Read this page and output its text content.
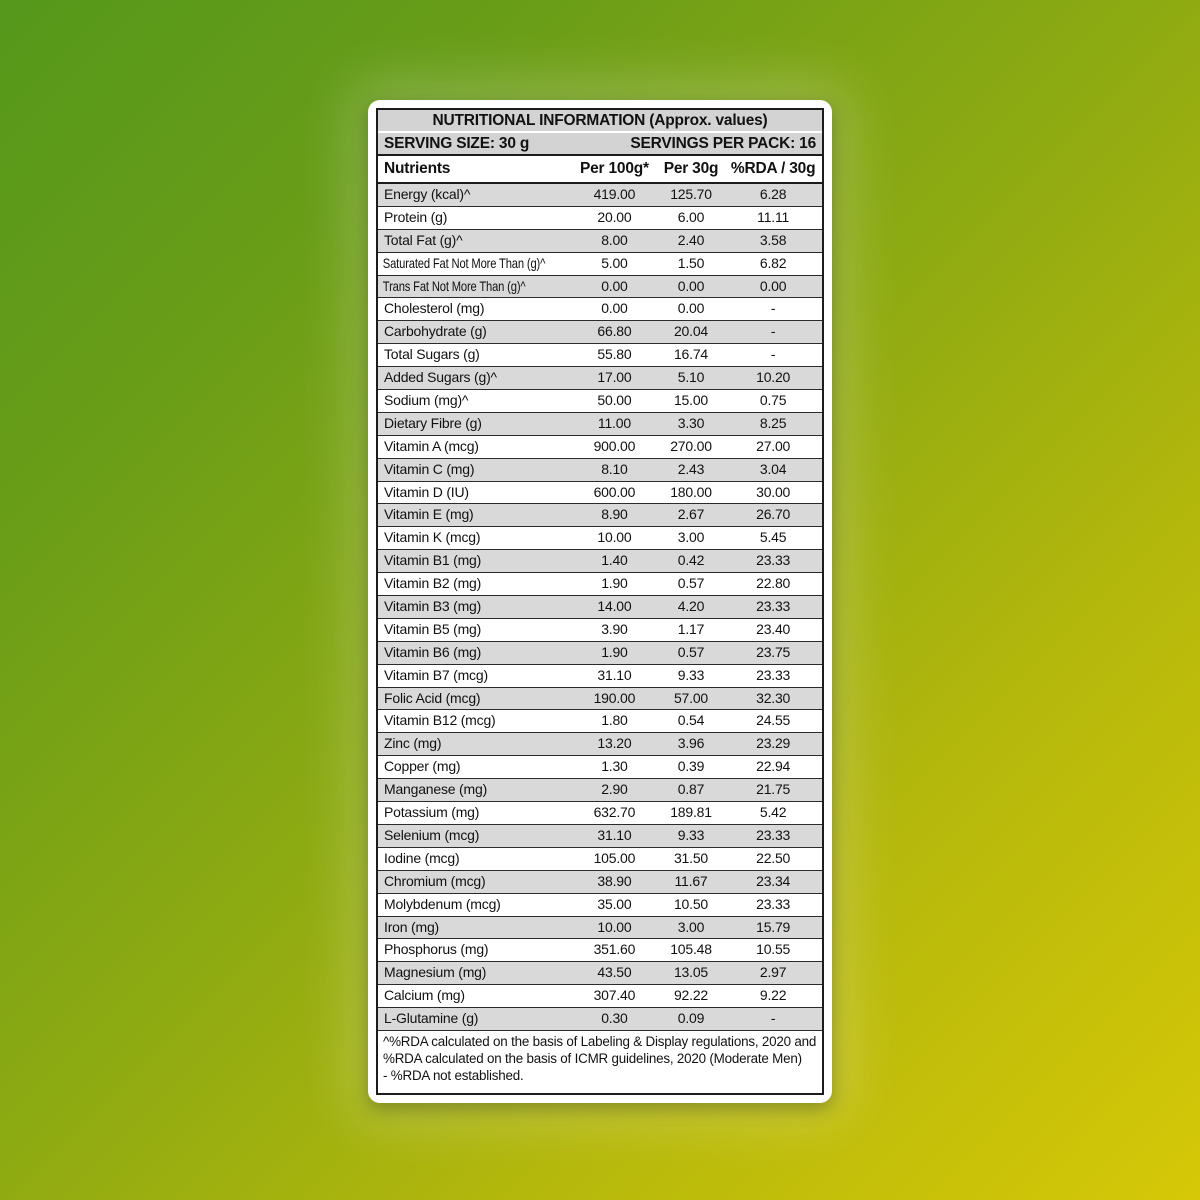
NUTRITIONAL INFORMATION (Approx. values)
SERVING SIZE: 30 g	SERVINGS PER PACK: 16
Nutrients	Per 100g* Per 30g %RDA / 30g
Energy (kcal)^	419.00	125.70	6.28
Protein (g)	20.00	6.00	11.11
Total Fat (g)^	8.00	2.40	3.58
Saturated Fat Not More Than (g)^	5.00	1.50	6.82
Trans Fat Not More Than (g)^	0.00	0.00	0.00
Cholesterol (mg)	0.00	0.00	-
Carbohydrate (g)	66.80	20.04	-
Total Sugars (g)	55.80	16.74	-
Added Sugars (g)^	17.00	5.10	10.20
Sodium (mg)^	50.00	15.00	0.75
Dietary Fibre (g)	11.00	3.30	8.25
Vitamin A (mcg)	900.00	270.00	27.00
Vitamin C (mg)	8.10	2.43	3.04
Vitamin D (IU)	600.00	180.00	30.00
Vitamin E (mg)	8.90	2.67	26.70
Vitamin K (mcg)	10.00	3.00	5.45
Vitamin B1 (mg)	1.40	0.42	23.33
Vitamin B2 (mg)	1.90	0.57	22.80
Vitamin B3 (mg)	14.00	4.20	23.33
Vitamin B5 (mg)	3.90	1.17	23.40
Vitamin B6 (mg)	1.90	0.57	23.75
Vitamin B7 (mcg)	31.10	9.33	23.33
Folic Acid (mcg)	190.00	57.00	32.30
Vitamin B12 (mcg)	1.80	0.54	24.55
Zinc (mg)	13.20	3.96	23.29
Copper (mg)	1.30	0.39	22.94
Manganese (mg)	2.90	0.87	21.75
Potassium (mg)	632.70	189.81	5.42
Selenium (mcg)	31.10	9.33	23.33
Iodine (mcg)	105.00	31.50	22.50
Chromium (mcg)	38.90	11.67	23.34
Molybdenum (mcg)	35.00	10.50	23.33
Iron (mg)	10.00	3.00	15.79
Phosphorus (mg)	351.60	105.48	10.55
Magnesium (mg)	43.50	13.05	2.97
Calcium (mg)	307.40	92.22	9.22
L-Glutamine (g)	0.30	0.09	-

^%RDA calculated on the basis of Labeling & Display regulations, 2020 and %RDA calculated on the basis of ICMR guidelines, 2020 (Moderate Men)

- %RDA not established.
